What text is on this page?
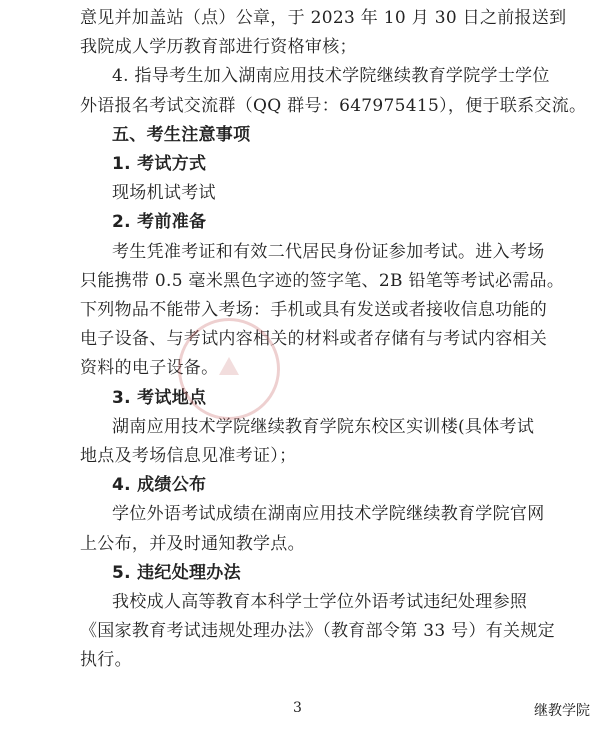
意见并加盖站（点）公章，于 2023 年 10 月 30 日之前报送到
我院成人学历教育部进行资格审核；
4. 指导考生加入湖南应用技术学院继续教育学院学士学位
外语报名考试交流群（QQ 群号：647975415），便于联系交流。
五、考生注意事项
1. 考试方式
现场机试考试
2. 考前准备
考生凭准考证和有效二代居民身份证参加考试。进入考场
只能携带 0.5 毫米黑色字迹的签字笔、2B 铅笔等考试必需品。
下列物品不能带入考场：手机或具有发送或者接收信息功能的
电子设备、与考试内容相关的材料或者存储有与考试内容相关
资料的电子设备。
3. 考试地点
湖南应用技术学院继续教育学院东校区实训楼(具体考试
地点及考场信息见准考证）；
4. 成绩公布
学位外语考试成绩在湖南应用技术学院继续教育学院官网
上公布，并及时通知教学点。
5. 违纪处理办法
我校成人高等教育本科学士学位外语考试违纪处理参照
《国家教育考试违规处理办法》（教育部令第 33 号）有关规定
执行。
3	继教学院
